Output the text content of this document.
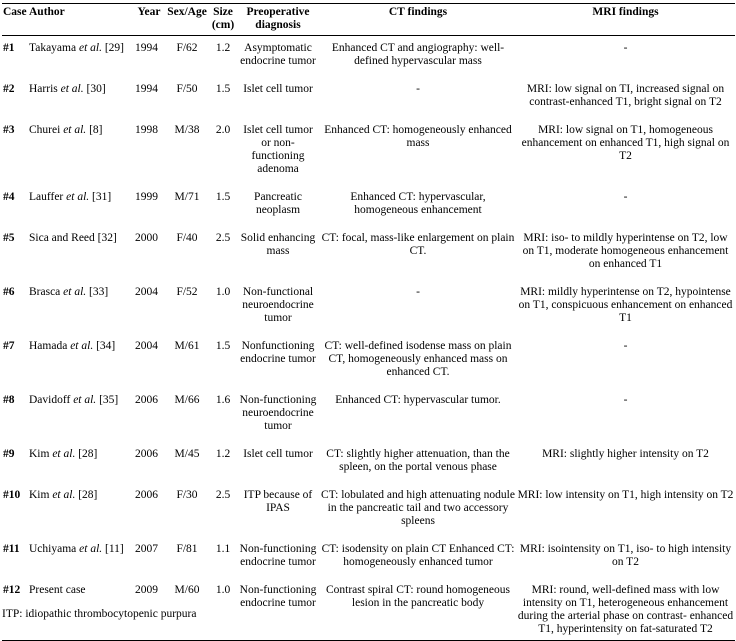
Case	Author	Year	Sex/Age	Size (cm)	Preoperative diagnosis	CT findings	MRI findings
#1	Takayama et al. [29]	1994	F/62	1.2	Asymptomatic endocrine tumor	Enhanced CT and angiography: well-defined hypervascular mass	-
#2	Harris et al. [30]	1994	F/50	1.5	Islet cell tumor	-	MRI: low signal on TI, increased signal on contrast-enhanced T1, bright signal on T2
#3	Churei et al. [8]	1998	M/38	2.0	Islet cell tumor or non-functioning adenoma	Enhanced CT: homogeneously enhanced mass	MRI: low signal on T1, homogeneous enhancement on enhanced T1, high signal on T2
#4	Lauffer et al. [31]	1999	M/71	1.5	Pancreatic neoplasm	Enhanced CT: hypervascular, homogeneous enhancement	-
#5	Sica and Reed [32]	2000	F/40	2.5	Solid enhancing mass	CT: focal, mass-like enlargement on plain CT.	MRI: iso- to mildly hyperintense on T2, low on T1, moderate homogeneous enhancement on enhanced T1
#6	Brasca et al. [33]	2004	F/52	1.0	Non-functional neuroendocrine tumor	-	MRI: mildly hyperintense on T2, hypointense on T1, conspicuous enhancement on enhanced T1
#7	Hamada et al. [34]	2004	M/61	1.5	Nonfunctioning endocrine tumor	CT: well-defined isodense mass on plain CT, homogeneously enhanced mass on enhanced CT.	-
#8	Davidoff et al. [35]	2006	M/66	1.6	Non-functioning neuroendocrine tumor	Enhanced CT: hypervascular tumor.	-
#9	Kim et al. [28]	2006	M/45	1.2	Islet cell tumor	CT: slightly higher attenuation, than the spleen, on the portal venous phase	MRI: slightly higher intensity on T2
#10	Kim et al. [28]	2006	F/30	2.5	ITP because of IPAS	CT: lobulated and high attenuating nodule in the pancreatic tail and two accessory spleens	MRI: low intensity on T1, high intensity on T2
#11	Uchiyama et al. [11]	2007	F/81	1.1	Non-functioning endocrine tumor	CT: isodensity on plain CT Enhanced CT: homogeneously enhanced tumor	MRI: isointensity on T1, iso- to high intensity on T2
#12	Present case	2009	M/60	1.0	Non-functioning endocrine tumor	Contrast spiral CT: round homogeneous lesion in the pancreatic body	MRI: round, well-defined mass with low intensity on T1, heterogeneous enhancement during the arterial phase on contrast- enhanced T1, hyperintensity on fat-saturated T2
ITP: idiopathic thrombocytopenic purpura
